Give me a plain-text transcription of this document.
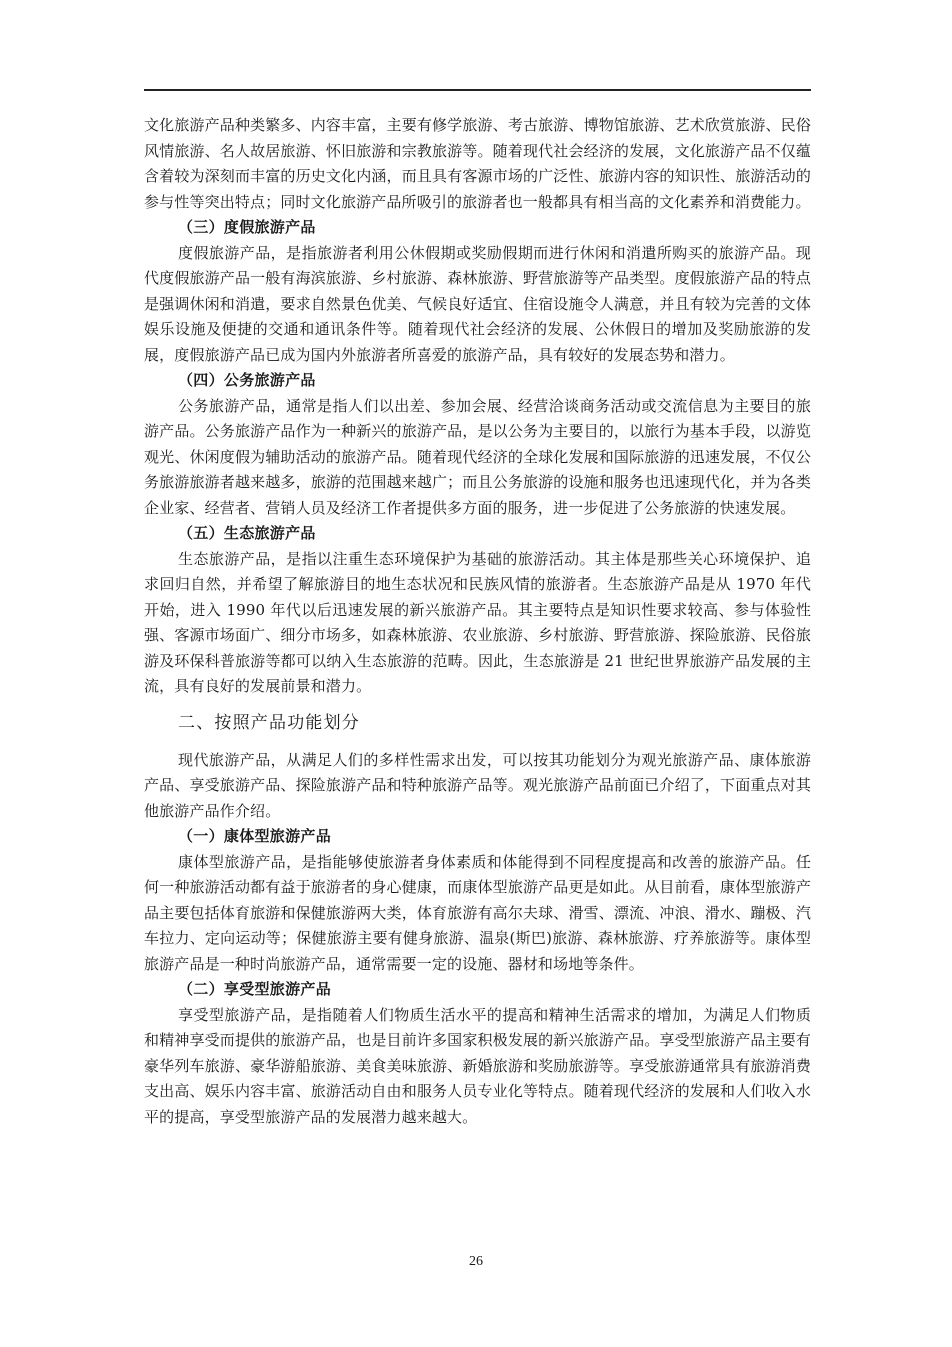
文化旅游产品种类繁多、内容丰富，主要有修学旅游、考古旅游、博物馆旅游、艺术欣赏旅游、民俗风情旅游、名人故居旅游、怀旧旅游和宗教旅游等。随着现代社会经济的发展，文化旅游产品不仅蕴含着较为深刻而丰富的历史文化内涵，而且具有客源市场的广泛性、旅游内容的知识性、旅游活动的参与性等突出特点；同时文化旅游产品所吸引的旅游者也一般都具有相当高的文化素养和消费能力。

（三）度假旅游产品

度假旅游产品，是指旅游者利用公休假期或奖励假期而进行休闲和消遣所购买的旅游产品。现代度假旅游产品一般有海滨旅游、乡村旅游、森林旅游、野营旅游等产品类型。度假旅游产品的特点是强调休闲和消遣，要求自然景色优美、气候良好适宜、住宿设施令人满意，并且有较为完善的文体娱乐设施及便捷的交通和通讯条件等。随着现代社会经济的发展、公休假日的增加及奖励旅游的发展，度假旅游产品已成为国内外旅游者所喜爱的旅游产品，具有较好的发展态势和潜力。

（四）公务旅游产品

公务旅游产品，通常是指人们以出差、参加会展、经营洽谈商务活动或交流信息为主要目的旅游产品。公务旅游产品作为一种新兴的旅游产品，是以公务为主要目的，以旅行为基本手段，以游览观光、休闲度假为辅助活动的旅游产品。随着现代经济的全球化发展和国际旅游的迅速发展，不仅公务旅游旅游者越来越多，旅游的范围越来越广；而且公务旅游的设施和服务也迅速现代化，并为各类企业家、经营者、营销人员及经济工作者提供多方面的服务，进一步促进了公务旅游的快速发展。

（五）生态旅游产品

生态旅游产品，是指以注重生态环境保护为基础的旅游活动。其主体是那些关心环境保护、追求回归自然，并希望了解旅游目的地生态状况和民族风情的旅游者。生态旅游产品是从 1970 年代开始，进入 1990 年代以后迅速发展的新兴旅游产品。其主要特点是知识性要求较高、参与体验性强、客源市场面广、细分市场多，如森林旅游、农业旅游、乡村旅游、野营旅游、探险旅游、民俗旅游及环保科普旅游等都可以纳入生态旅游的范畴。因此，生态旅游是 21 世纪世界旅游产品发展的主流，具有良好的发展前景和潜力。

二、按照产品功能划分

现代旅游产品，从满足人们的多样性需求出发，可以按其功能划分为观光旅游产品、康体旅游产品、享受旅游产品、探险旅游产品和特种旅游产品等。观光旅游产品前面已介绍了，下面重点对其他旅游产品作介绍。

（一）康体型旅游产品

康体型旅游产品，是指能够使旅游者身体素质和体能得到不同程度提高和改善的旅游产品。任何一种旅游活动都有益于旅游者的身心健康，而康体型旅游产品更是如此。从目前看，康体型旅游产品主要包括体育旅游和保健旅游两大类，体育旅游有高尔夫球、滑雪、漂流、冲浪、滑水、蹦极、汽车拉力、定向运动等；保健旅游主要有健身旅游、温泉(斯巴)旅游、森林旅游、疗养旅游等。康体型旅游产品是一种时尚旅游产品，通常需要一定的设施、器材和场地等条件。

（二）享受型旅游产品

享受型旅游产品，是指随着人们物质生活水平的提高和精神生活需求的增加，为满足人们物质和精神享受而提供的旅游产品，也是目前许多国家积极发展的新兴旅游产品。享受型旅游产品主要有豪华列车旅游、豪华游船旅游、美食美味旅游、新婚旅游和奖励旅游等。享受旅游通常具有旅游消费支出高、娱乐内容丰富、旅游活动自由和服务人员专业化等特点。随着现代经济的发展和人们收入水平的提高，享受型旅游产品的发展潜力越来越大。

26
